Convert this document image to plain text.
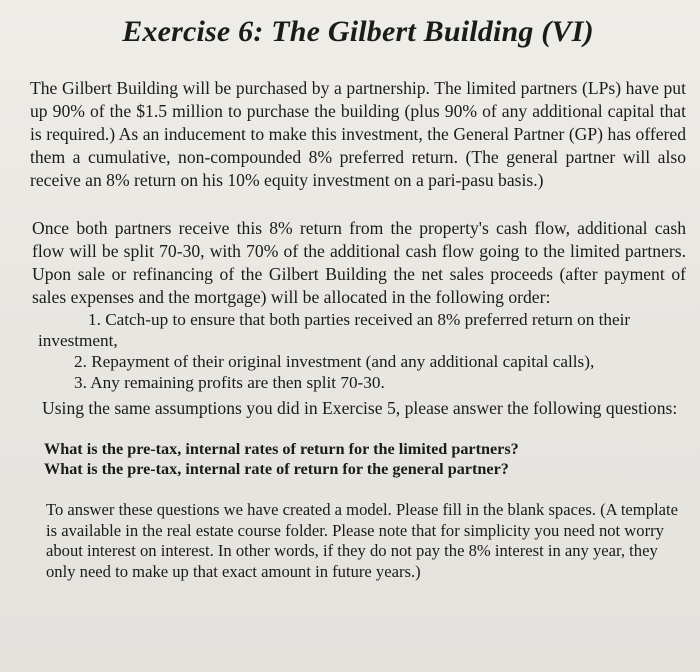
Exercise 6: The Gilbert Building (VI)

The Gilbert Building will be purchased by a partnership. The limited partners (LPs) have put up 90% of the $1.5 million to purchase the building (plus 90% of any additional capital that is required.) As an inducement to make this investment, the General Partner (GP) has offered them a cumulative, non-compounded 8% preferred return. (The general partner will also receive an 8% return on his 10% equity investment on a pari-pasu basis.)

Once both partners receive this 8% return from the property's cash flow, additional cash flow will be split 70-30, with 70% of the additional cash flow going to the limited partners. Upon sale or refinancing of the Gilbert Building the net sales proceeds (after payment of sales expenses and the mortgage) will be allocated in the following order:

1. Catch-up to ensure that both parties received an 8% preferred return on their

investment,

2. Repayment of their original investment (and any additional capital calls),

3. Any remaining profits are then split 70-30.

Using the same assumptions you did in Exercise 5, please answer the following questions:

What is the pre-tax, internal rates of return for the limited partners?
What is the pre-tax, internal rate of return for the general partner?

To answer these questions we have created a model. Please fill in the blank spaces. (A template is available in the real estate course folder. Please note that for simplicity you need not worry about interest on interest. In other words, if they do not pay the 8% interest in any year, they only need to make up that exact amount in future years.)
